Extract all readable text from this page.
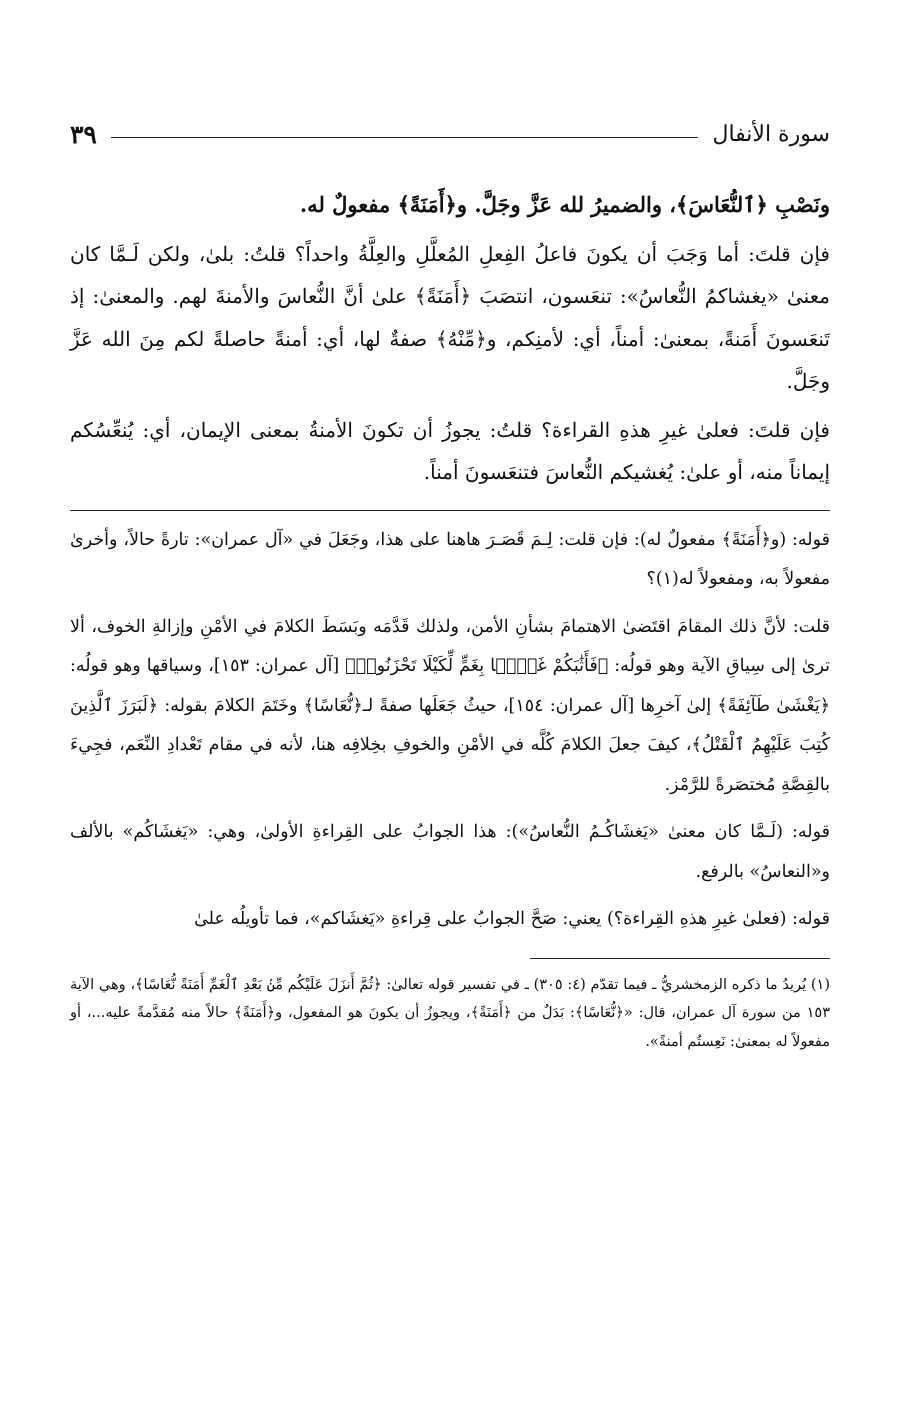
سورة الأنفال
٣٩

ونَصْبِ ﴿ٱلنُّعَاسَ﴾، والضميرُ لله عَزَّ وجَلَّ. و﴿أَمَنَةً﴾ مفعولٌ له.

فإن قلتَ: أما وَجَبَ أن يكونَ فاعلُ الفِعلِ المُعلَّلِ والعِلَّةُ واحداً؟ قلتُ: بلىٰ، ولكن لَـمَّا كان معنىٰ «يغشاكمُ النُّعاسُ»: تنعَسون، انتصَبَ ﴿أَمَنَةً﴾ علىٰ أنَّ النُّعاسَ والأمنةَ لهم. والمعنىٰ: إذ تَنعَسونَ أَمَنةً، بمعنىٰ: أمناً، أي: لأمنِكم، و﴿مِّنْهُ﴾ صفةٌ لها، أي: أمنةً حاصلةً لكم مِنَ الله عَزَّ وجَلَّ.

فإن قلتَ: فعلىٰ غيرِ هذهِ القراءة؟ قلتُ: يجوزُ أن تكونَ الأمنةُ بمعنى الإيمان، أي: يُنعِّسُكم إيماناً منه، أو علىٰ: يُغشيكم النُّعاسَ فتنعَسونَ أمناً.

قوله: (و﴿أَمَنَةً﴾ مفعولٌ له): فإن قلت: لِـمَ قَصَـرَ هاهنا على هذا، وجَعَلَ في «آل عمران»: تارةً حالاً، وأخرىٰ مفعولاً به، ومفعولاً له(١)؟

قلت: لأنَّ ذلك المقامَ اقتَضىٰ الاهتمامَ بشأنِ الأمن، ولذلك قَدَّمَه وبَسَطَ الكلامَ في الأمْنِ وإزالةِ الخوف، ألا ترىٰ إلى سِياقِ الآية وهو قولُه: ﴿فَأَثَٰبَكُمْ غَمًّۢا بِغَمٍّ لِّكَيْلَا تَحْزَنُوا۟﴾ [آل عمران: ١٥٣]، وسياقها وهو قولُه: ﴿يَغْشَىٰ طَآئِفَةً﴾ إلىٰ آخرِها [آل عمران: ١٥٤]، حيثُ جَعَلَها صفةً لـ﴿نُّعَاسًا﴾ وخَتَمَ الكلامَ بقوله: ﴿لَبَرَزَ ٱلَّذِينَ كُتِبَ عَلَيْهِمُ ٱلْقَتْلُ﴾، كيفَ جعلَ الكلامَ كُلَّه في الأمْنِ والخوفِ بخِلافِه هنا، لأنه في مقام تَعْدادِ النِّعَم، فجِيءَ بالقِصَّةِ مُختصَرةً للرَّمْز.

قوله: (لَـمَّا كان معنىٰ «يَغشَاكُـمُ النُّعاسُ»): هذا الجوابُ على القِراءةِ الأولىٰ، وهي: «يَغشَاكُم» بالألف و«النعاسُ» بالرفع.

قوله: (فعلىٰ غيرِ هذهِ القِراءة؟) يعني: صَحَّ الجوابُ على قِراءةِ «يَغشَاكم»، فما تأويلُه علىٰ

(١) يُريدُ ما ذكره الزمخشريُّ ـ فيما تقدّم (٤: ٣٠٥) ـ في تفسير قوله تعالىٰ: ﴿ثُمَّ أَنزَلَ عَلَيْكُم مِّنۢ بَعْدِ ٱلْغَمِّ أَمَنَةً نُّعَاسًا﴾، وهي الآية ١٥٣ من سورة آل عمران، قال: «﴿نُّعَاسًا﴾: بَدَلٌ من ﴿أَمَنَةً﴾، ويجوزُ أن يكونَ هو المفعول، و﴿أَمَنَةً﴾ حالاً منه مُقدَّمةً عليه...، أو مفعولاً له بمعنىٰ: نَعِستُم أمنةً».
